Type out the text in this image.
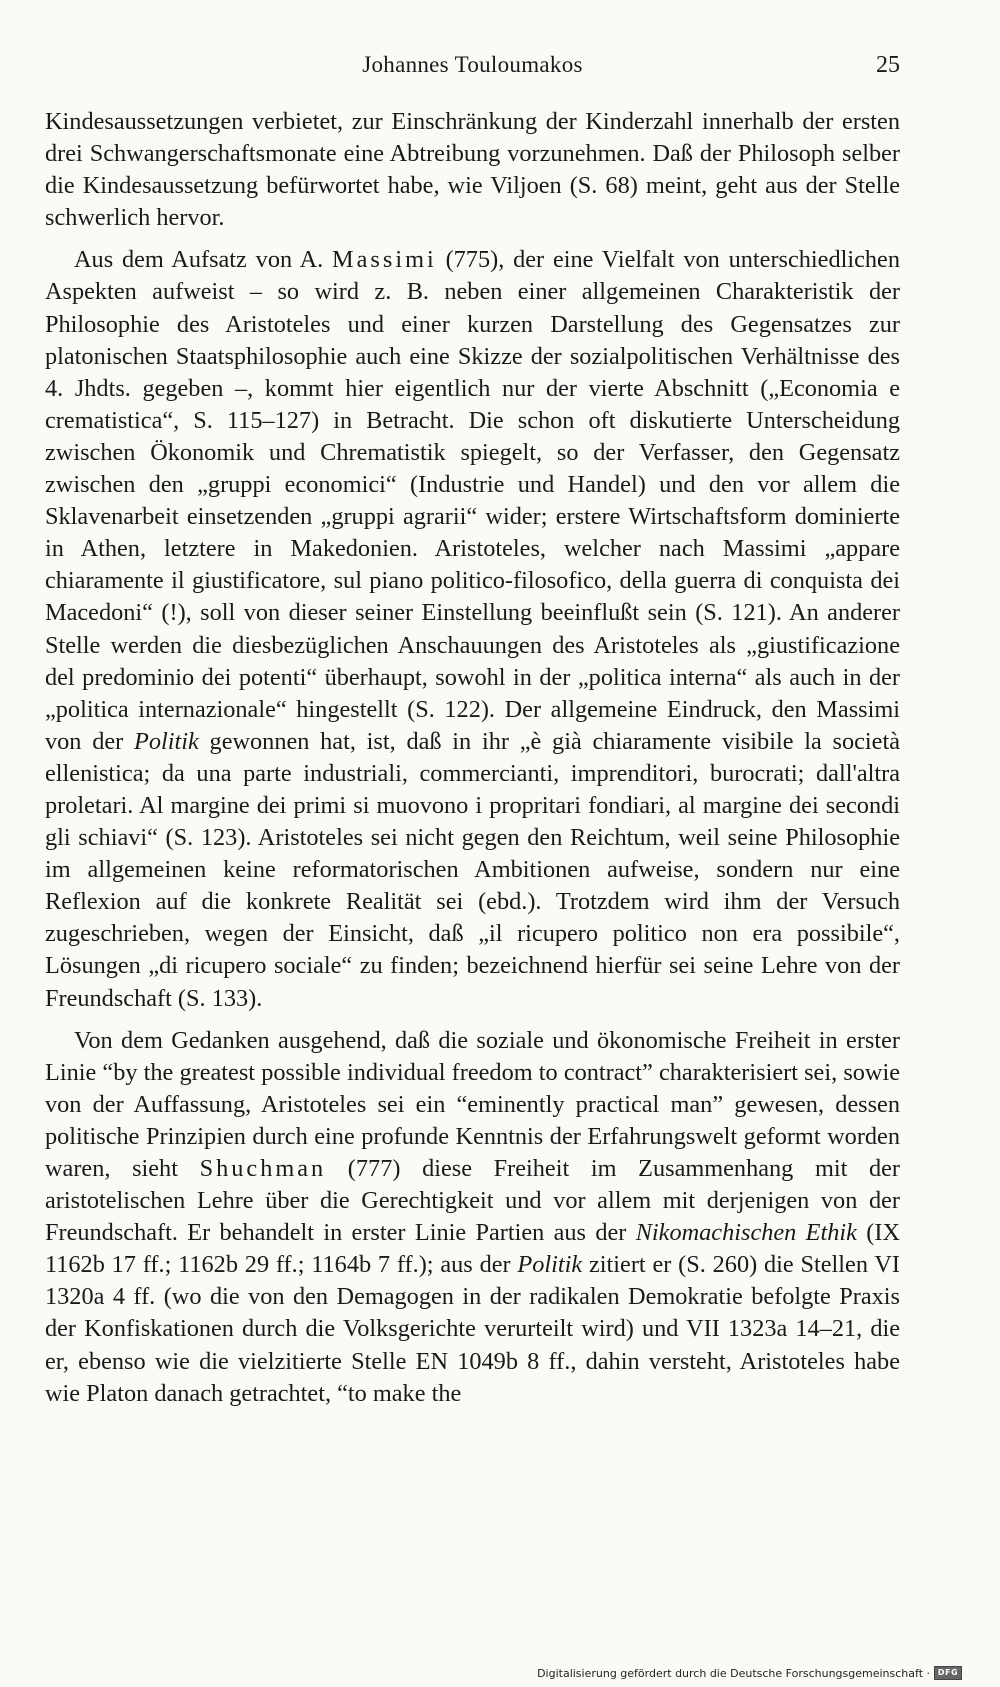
Johannes Touloumakos	25

Kindesaussetzungen verbietet, zur Einschränkung der Kinderzahl innerhalb der ersten drei Schwangerschaftsmonate eine Abtreibung vorzunehmen. Daß der Philosoph selber die Kindesaussetzung befürwortet habe, wie Viljoen (S. 68) meint, geht aus der Stelle schwerlich hervor.

Aus dem Aufsatz von A. Massimi (775), der eine Vielfalt von unterschiedlichen Aspekten aufweist – so wird z. B. neben einer allgemeinen Charakteristik der Philosophie des Aristoteles und einer kurzen Darstellung des Gegensatzes zur platonischen Staatsphilosophie auch eine Skizze der sozialpolitischen Verhältnisse des 4. Jhdts. gegeben –, kommt hier eigentlich nur der vierte Abschnitt („Economia e crematistica“, S. 115–127) in Betracht. Die schon oft diskutierte Unterscheidung zwischen Ökonomik und Chrematistik spiegelt, so der Verfasser, den Gegensatz zwischen den „gruppi economici“ (Industrie und Handel) und den vor allem die Sklavenarbeit einsetzenden „gruppi agrarii“ wider; erstere Wirtschaftsform dominierte in Athen, letztere in Makedonien. Aristoteles, welcher nach Massimi „appare chiaramente il giustificatore, sul piano politico-filosofico, della guerra di conquista dei Macedoni“ (!), soll von dieser seiner Einstellung beeinflußt sein (S. 121). An anderer Stelle werden die diesbezüglichen Anschauungen des Aristoteles als „giustificazione del predominio dei potenti“ überhaupt, sowohl in der „politica interna“ als auch in der „politica internazionale“ hingestellt (S. 122). Der allgemeine Eindruck, den Massimi von der Politik gewonnen hat, ist, daß in ihr „è già chiaramente visibile la società ellenistica; da una parte industriali, commercianti, imprenditori, burocrati; dall'altra proletari. Al margine dei primi si muovono i propritari fondiari, al margine dei secondi gli schiavi“ (S. 123). Aristoteles sei nicht gegen den Reichtum, weil seine Philosophie im allgemeinen keine reformatorischen Ambitionen aufweise, sondern nur eine Reflexion auf die konkrete Realität sei (ebd.). Trotzdem wird ihm der Versuch zugeschrieben, wegen der Einsicht, daß „il ricupero politico non era possibile“, Lösungen „di ricupero sociale“ zu finden; bezeichnend hierfür sei seine Lehre von der Freundschaft (S. 133).

Von dem Gedanken ausgehend, daß die soziale und ökonomische Freiheit in erster Linie “by the greatest possible individual freedom to contract” charakterisiert sei, sowie von der Auffassung, Aristoteles sei ein “eminently practical man” gewesen, dessen politische Prinzipien durch eine profunde Kenntnis der Erfahrungswelt geformt worden waren, sieht Shuchman (777) diese Freiheit im Zusammenhang mit der aristotelischen Lehre über die Gerechtigkeit und vor allem mit derjenigen von der Freundschaft. Er behandelt in erster Linie Partien aus der Nikomachischen Ethik (IX 1162b 17 ff.; 1162b 29 ff.; 1164b 7 ff.); aus der Politik zitiert er (S. 260) die Stellen VI 1320a 4 ff. (wo die von den Demagogen in der radikalen Demokratie befolgte Praxis der Konfiskationen durch die Volksgerichte verurteilt wird) und VII 1323a 14–21, die er, ebenso wie die vielzitierte Stelle EN 1049b 8 ff., dahin versteht, Aristoteles habe wie Platon danach getrachtet, “to make the

Digitalisierung gefördert durch die Deutsche Forschungsgemeinschaft · DFG
